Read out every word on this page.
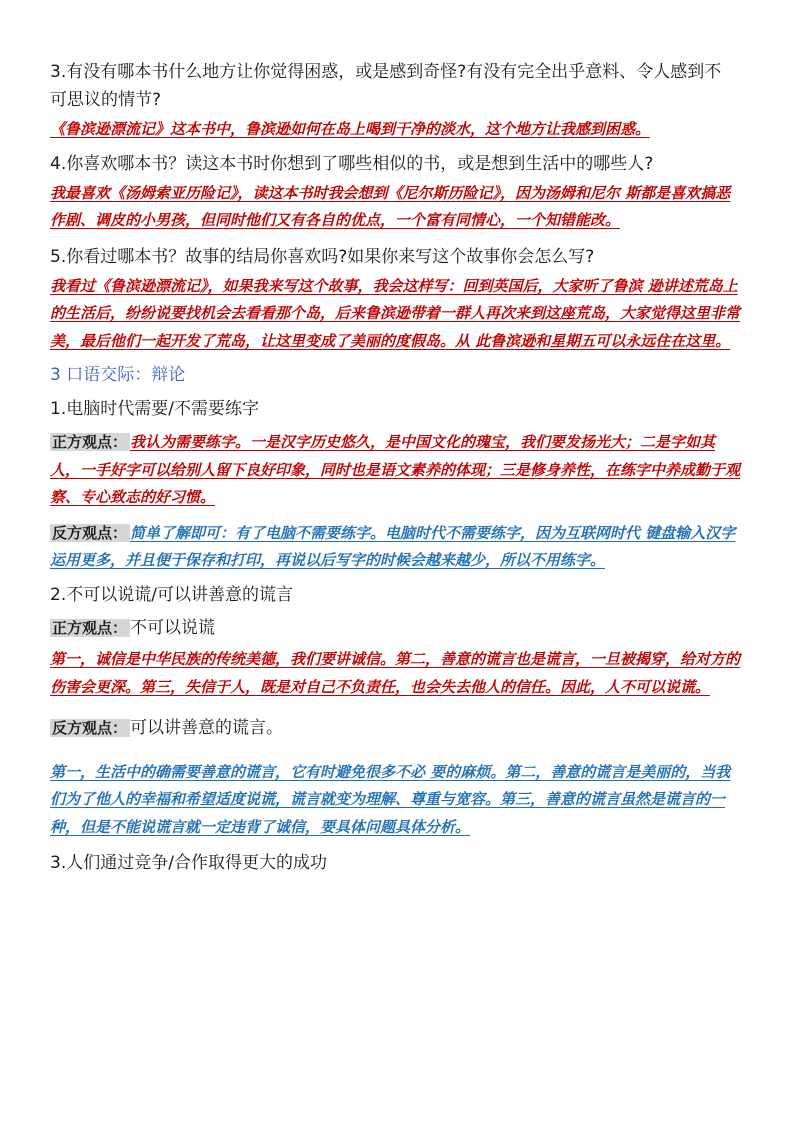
3.有没有哪本书什么地方让你觉得困惑，或是感到奇怪?有没有完全出乎意料、令人感到不 可思议的情节?

《鲁滨逊漂流记》这本书中，鲁滨逊如何在岛上喝到干净的淡水，这个地方让我感到困惑。

4.你喜欢哪本书？读这本书时你想到了哪些相似的书，或是想到生活中的哪些人?

我最喜欢《汤姆索亚历险记》，读这本书时我会想到《尼尔斯历险记》，因为汤姆和尼尔 斯都是喜欢搞恶作剧、调皮的小男孩，但同时他们又有各自的优点，一个富有同情心，一个知错能改。

5.你看过哪本书？故事的结局你喜欢吗?如果你来写这个故事你会怎么写?

我看过《鲁滨逊漂流记》，如果我来写这个故事，我会这样写：回到英国后，大家听了鲁滨 逊讲述荒岛上的生活后，纷纷说要找机会去看看那个岛，后来鲁滨逊带着一群人再次来到这座荒岛，大家觉得这里非常美，最后他们一起开发了荒岛，让这里变成了美丽的度假岛。从 此鲁滨逊和星期五可以永远住在这里。

3 口语交际：辩论

1.电脑时代需要/不需要练字

正方观点： 我认为需要练字。一是汉字历史悠久，是中国文化的瑰宝，我们要发扬光大；二是字如其人，一手好字可以给别人留下良好印象，同时也是语文素养的体现；三是修身养性，在练字中养成勤于观察、专心致志的好习惯。

反方观点： 简单了解即可：有了电脑不需要练字。电脑时代不需要练字，因为互联网时代 键盘输入汉字运用更多，并且便于保存和打印，再说以后写字的时候会越来越少，所以不用练字。

2.不可以说谎/可以讲善意的谎言

正方观点： 不可以说谎

第一，诚信是中华民族的传统美德，我们要讲诚信。第二，善意的谎言也是谎言，一旦被揭穿，给对方的伤害会更深。第三，失信于人，既是对自己不负责任，也会失去他人的信任。因此，人不可以说谎。

反方观点： 可以讲善意的谎言。

第一，生活中的确需要善意的谎言，它有时避免很多不必 要的麻烦。第二，善意的谎言是美丽的，当我们为了他人的幸福和希望适度说谎，谎言就变为理解、尊重与宽容。第三，善意的谎言虽然是谎言的一种，但是不能说谎言就一定违背了诚信，要具体问题具体分析。

3.人们通过竞争/合作取得更大的成功
